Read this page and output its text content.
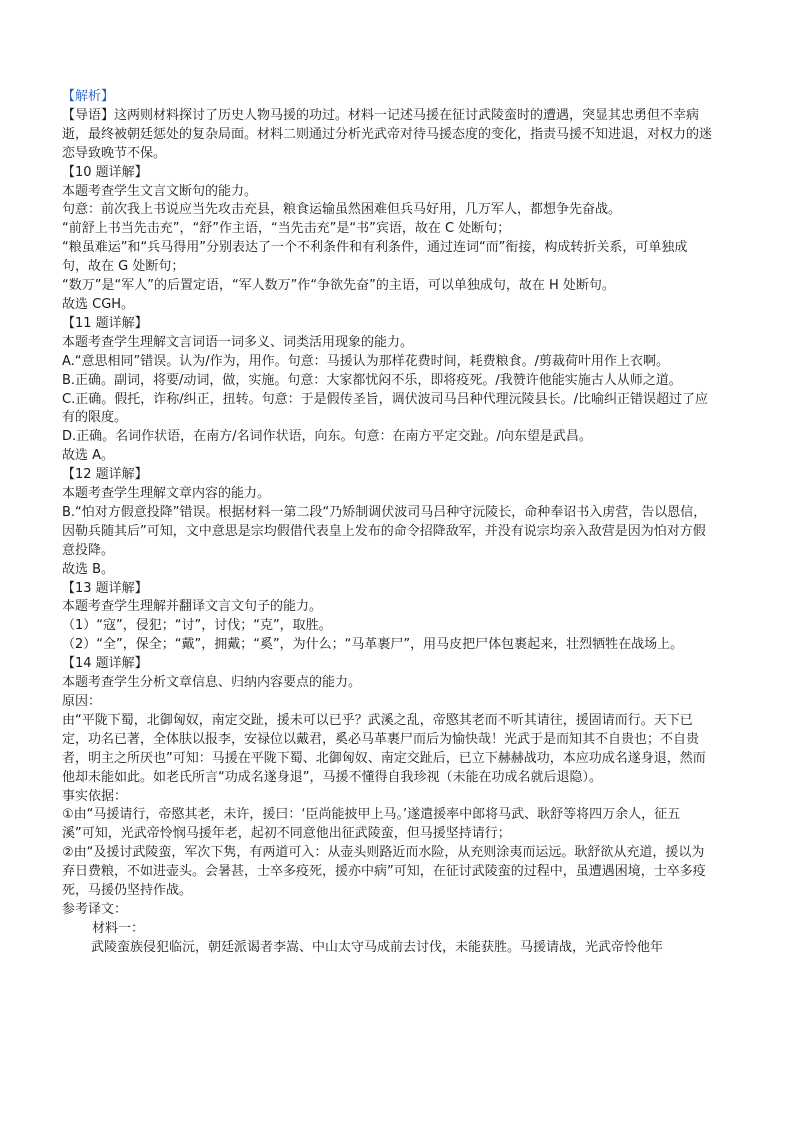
【解析】

【导语】这两则材料探讨了历史人物马援的功过。材料一记述马援在征讨武陵蛮时的遭遇，突显其忠勇但不幸病逝，最终被朝廷惩处的复杂局面。材料二则通过分析光武帝对待马援态度的变化，指责马援不知进退，对权力的迷恋导致晚节不保。

【10 题详解】

本题考查学生文言文断句的能力。

句意：前次我上书说应当先攻击充县，粮食运输虽然困难但兵马好用，几万军人，都想争先奋战。

“前舒上书当先击充”，“舒”作主语，“当先击充”是“书”宾语，故在 C 处断句；

“粮虽难运”和“兵马得用”分别表达了一个不利条件和有利条件，通过连词“而”衔接，构成转折关系，可单独成句，故在 G 处断句；

“数万”是“军人”的后置定语，“军人数万”作“争欲先奋”的主语，可以单独成句，故在 H 处断句。

故选 CGH。

【11 题详解】

本题考查学生理解文言词语一词多义、词类活用现象的能力。

A.“意思相同”错误。认为/作为，用作。句意：马援认为那样花费时间，耗费粮食。/剪裁荷叶用作上衣啊。

B.正确。副词，将要/动词，做，实施。句意：大家都忧闷不乐，即将疫死。/我赞许他能实施古人从师之道。

C.正确。假托，诈称/纠正，扭转。句意：于是假传圣旨，调伏波司马吕种代理沅陵县长。/比喻纠正错误超过了应有的限度。

D.正确。名词作状语，在南方/名词作状语，向东。句意：在南方平定交趾。/向东望是武昌。

故选 A。

【12 题详解】

本题考查学生理解文章内容的能力。

B.“怕对方假意投降”错误。根据材料一第二段“乃矫制调伏波司马吕种守沅陵长，命种奉诏书入虏营，告以恩信，因勒兵随其后”可知，文中意思是宗均假借代表皇上发布的命令招降敌军，并没有说宗均亲入敌营是因为怕对方假意投降。

故选 B。

【13 题详解】

本题考查学生理解并翻译文言文句子的能力。

（1）“寇”，侵犯；“讨”，讨伐；“克”，取胜。

（2）“全”，保全；“戴”，拥戴；“奚”，为什么；“马革裹尸”，用马皮把尸体包裹起来，壮烈牺牲在战场上。

【14 题详解】

本题考查学生分析文章信息、归纳内容要点的能力。

原因：

由“平陇下蜀，北御匈奴，南定交趾，援未可以已乎？武溪之乱，帝愍其老而不听其请往，援固请而行。天下已定，功名已著，全体肤以报李，安禄位以戴君，奚必马革裹尸而后为愉快哉！光武于是而知其不自贵也；不自贵者，明主之所厌也”可知：马援在平陇下蜀、北御匈奴、南定交趾后，已立下赫赫战功，本应功成名遂身退，然而他却未能如此。如老氏所言“功成名遂身退”，马援不懂得自我珍视（未能在功成名就后退隐）。

事实依据：

①由“马援请行，帝愍其老，未许，援曰：‘臣尚能披甲上马。’遂遣援率中郎将马武、耿舒等将四万余人，征五溪”可知，光武帝怜悯马援年老，起初不同意他出征武陵蛮，但马援坚持请行；

②由“及援讨武陵蛮，军次下隽，有两道可入：从壶头则路近而水险，从充则涂夷而运远。耿舒欲从充道，援以为弃日费粮，不如进壶头。会暑甚，士卒多疫死，援亦中病”可知，在征讨武陵蛮的过程中，虽遭遇困境，士卒多疫死，马援仍坚持作战。

参考译文：

材料一：

武陵蛮族侵犯临沅，朝廷派谒者李嵩、中山太守马成前去讨伐，未能获胜。马援请战，光武帝怜他年
